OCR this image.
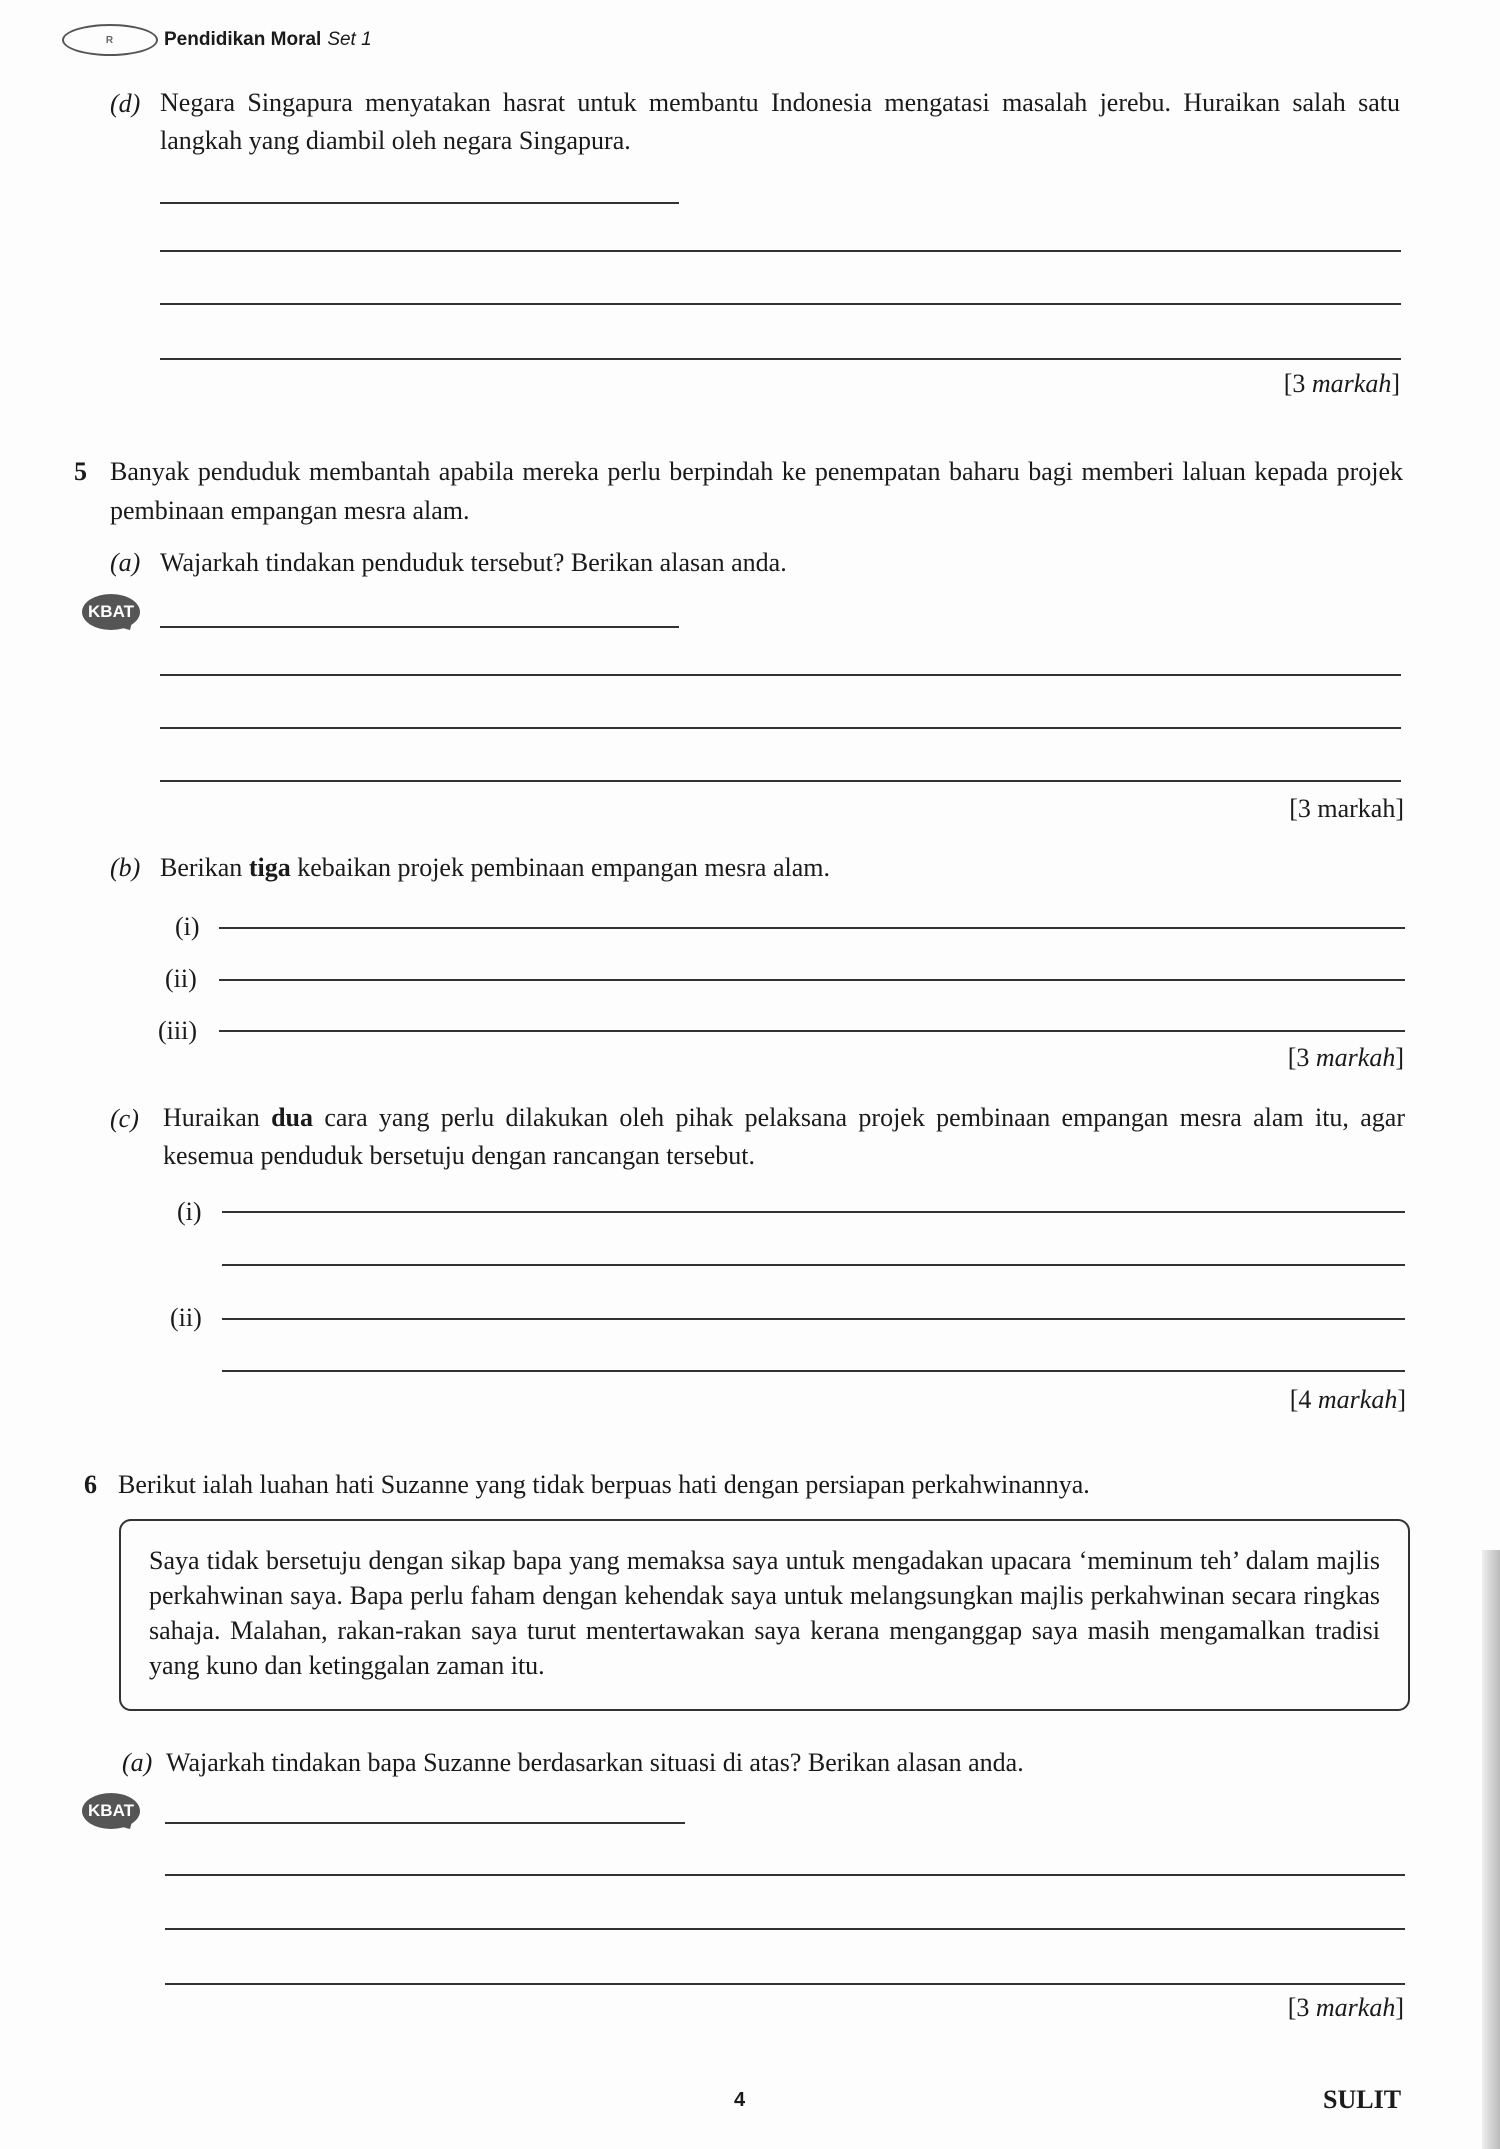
R	Pendidikan Moral Set 1
(d) Negara Singapura menyatakan hasrat untuk membantu Indonesia mengatasi masalah jerebu. Huraikan salah satu langkah yang diambil oleh negara Singapura.
[3 markah]
5 Banyak penduduk membantah apabila mereka perlu berpindah ke penempatan baharu bagi memberi laluan kepada projek pembinaan empangan mesra alam.
(a) Wajarkah tindakan penduduk tersebut? Berikan alasan anda.
KBAT
[3 markah]
(b) Berikan tiga kebaikan projek pembinaan empangan mesra alam.
(i)
(ii)
(iii)
[3 markah]
(c) Huraikan dua cara yang perlu dilakukan oleh pihak pelaksana projek pembinaan empangan mesra alam itu, agar kesemua penduduk bersetuju dengan rancangan tersebut.
(i)
(ii)
[4 markah]
6 Berikut ialah luahan hati Suzanne yang tidak berpuas hati dengan persiapan perkahwinannya.
Saya tidak bersetuju dengan sikap bapa yang memaksa saya untuk mengadakan upacara ‘meminum teh’ dalam majlis perkahwinan saya. Bapa perlu faham dengan kehendak saya untuk melangsungkan majlis perkahwinan secara ringkas sahaja. Malahan, rakan-rakan saya turut mentertawakan saya kerana menganggap saya masih mengamalkan tradisi yang kuno dan ketinggalan zaman itu.
(a) Wajarkah tindakan bapa Suzanne berdasarkan situasi di atas? Berikan alasan anda.
KBAT
[3 markah]
4	SULIT
